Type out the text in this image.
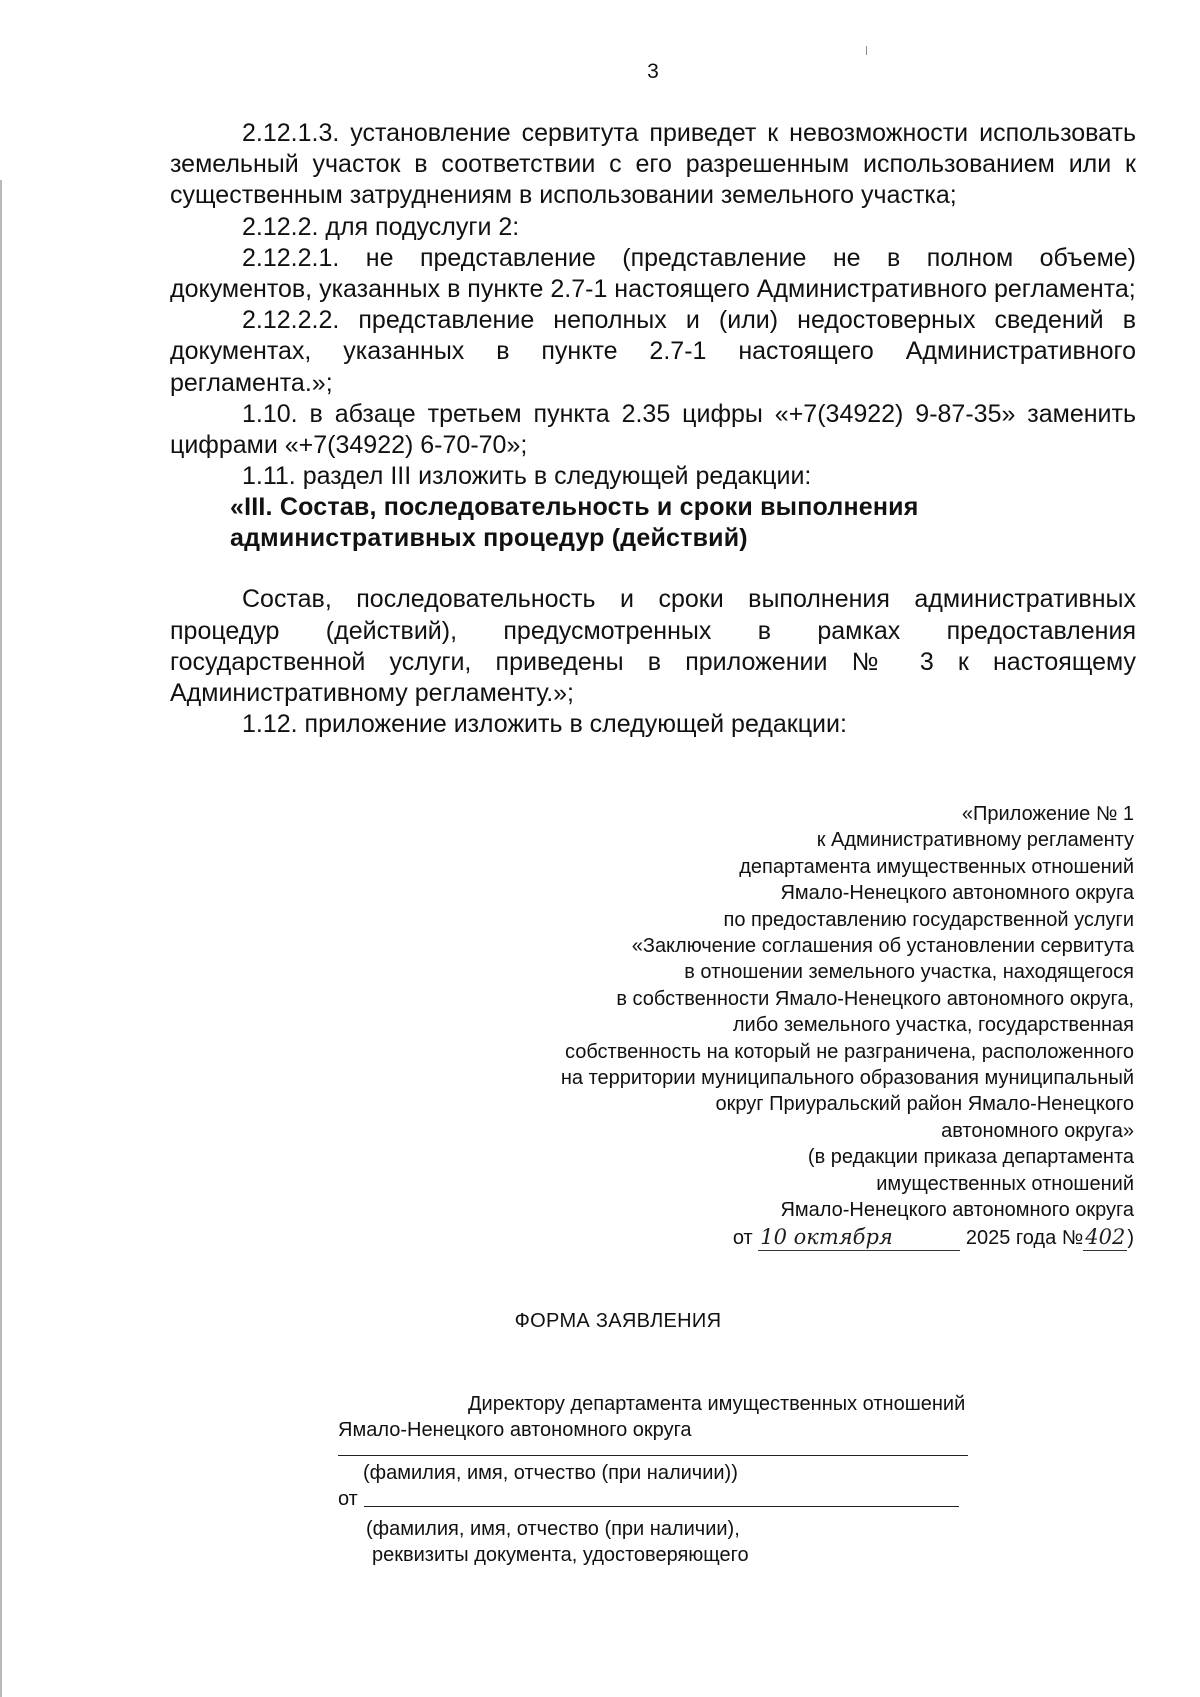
3

2.12.1.3. установление сервитута приведет к невозможности использовать земельный участок в соответствии с его разрешенным использованием или к существенным затруднениям в использовании земельного участка;

2.12.2. для подуслуги 2:

2.12.2.1. не представление (представление не в полном объеме) документов, указанных в пункте 2.7-1 настоящего Административного регламента;

2.12.2.2. представление неполных и (или) недостоверных сведений в документах, указанных в пункте 2.7-1 настоящего Административного регламента.»;

1.10. в абзаце третьем пункта 2.35 цифры «+7(34922) 9-87-35» заменить цифрами «+7(34922) 6-70-70»;

1.11. раздел III изложить в следующей редакции:

«III. Состав, последовательность и сроки выполнения

административных процедур (действий)

Состав, последовательность и сроки выполнения административных процедур (действий), предусмотренных в рамках предоставления государственной услуги, приведены в приложении № 3 к настоящему Административному регламенту.»;

1.12. приложение изложить в следующей редакции:

«Приложение № 1
к Административному регламенту
департамента имущественных отношений
Ямало-Ненецкого автономного округа
по предоставлению государственной услуги
«Заключение соглашения об установлении сервитута
в отношении земельного участка, находящегося
в собственности Ямало-Ненецкого автономного округа,
либо земельного участка, государственная
собственность на который не разграничена, расположенного
на территории муниципального образования муниципальный
округ Приуральский район Ямало-Ненецкого
автономного округа»
(в редакции приказа департамента
имущественных отношений
Ямало-Ненецкого автономного округа
от 10 октября	2025 года №402 )
ФОРМА ЗАЯВЛЕНИЯ
Директору департамента имущественных отношений
Ямало-Ненецкого автономного округа
(фамилия, имя, отчество (при наличии))
от
(фамилия, имя, отчество (при наличии),
реквизиты документа, удостоверяющего
